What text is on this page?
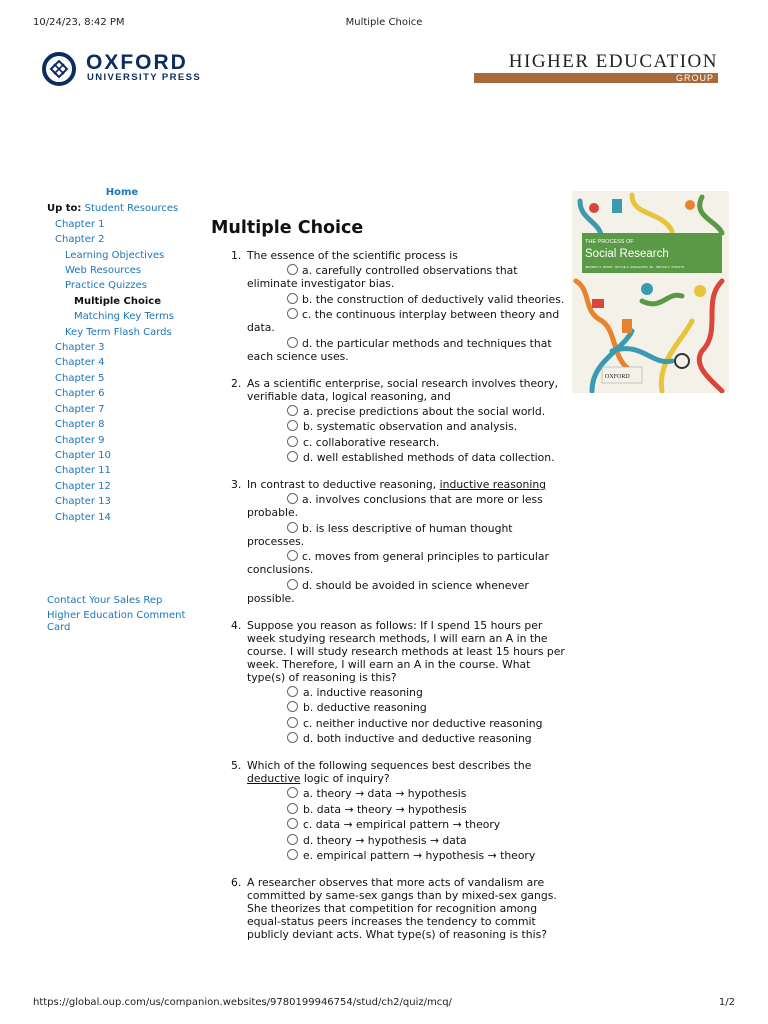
10/24/23, 8:42 PM	Multiple Choice
OXFORD
UNIVERSITY PRESS
HIGHER EDUCATION
GROUP
Home
Up to: Student Resources
Chapter 1
Chapter 2
Learning Objectives
Web Resources
Practice Quizzes
Multiple Choice
Matching Key Terms
Key Term Flash Cards
Chapter 3
Chapter 4
Chapter 5
Chapter 6
Chapter 7
Chapter 8
Chapter 9
Chapter 10
Chapter 11
Chapter 12
Chapter 13
Chapter 14
Contact Your Sales Rep
Higher Education Comment Card
Multiple Choice
1. The essence of the scientific process is
a. carefully controlled observations that eliminate investigator bias.
b. the construction of deductively valid theories.
c. the continuous interplay between theory and data.
d. the particular methods and techniques that each science uses.
2. As a scientific enterprise, social research involves theory, verifiable data, logical reasoning, and
a. precise predictions about the social world.
b. systematic observation and analysis.
c. collaborative research.
d. well established methods of data collection.
3. In contrast to deductive reasoning, inductive reasoning
a. involves conclusions that are more or less probable.
b. is less descriptive of human thought processes.
c. moves from general principles to particular conclusions.
d. should be avoided in science whenever possible.
4. Suppose you reason as follows: If I spend 15 hours per week studying research methods, I will earn an A in the course. I will study research methods at least 15 hours per week. Therefore, I will earn an A in the course. What type(s) of reasoning is this?
a. inductive reasoning
b. deductive reasoning
c. neither inductive nor deductive reasoning
d. both inductive and deductive reasoning
5. Which of the following sequences best describes the deductive logic of inquiry?
a. theory → data → hypothesis
b. data → theory → hypothesis
c. data → empirical pattern → theory
d. theory → hypothesis → data
e. empirical pattern → hypothesis → theory
6. A researcher observes that more acts of vandalism are committed by same-sex gangs than by mixed-sex gangs. She theorizes that competition for recognition among equal-status peers increases the tendency to commit publicly deviant acts. What type(s) of reasoning is this?
THE PROCESS OF
Social Research
JEFFREY C. DIXON · ROYCE A. SINGLETON, JR. · BRUCE C. STRAITS
OXFORD
https://global.oup.com/us/companion.websites/9780199946754/stud/ch2/quiz/mcq/	1/2
